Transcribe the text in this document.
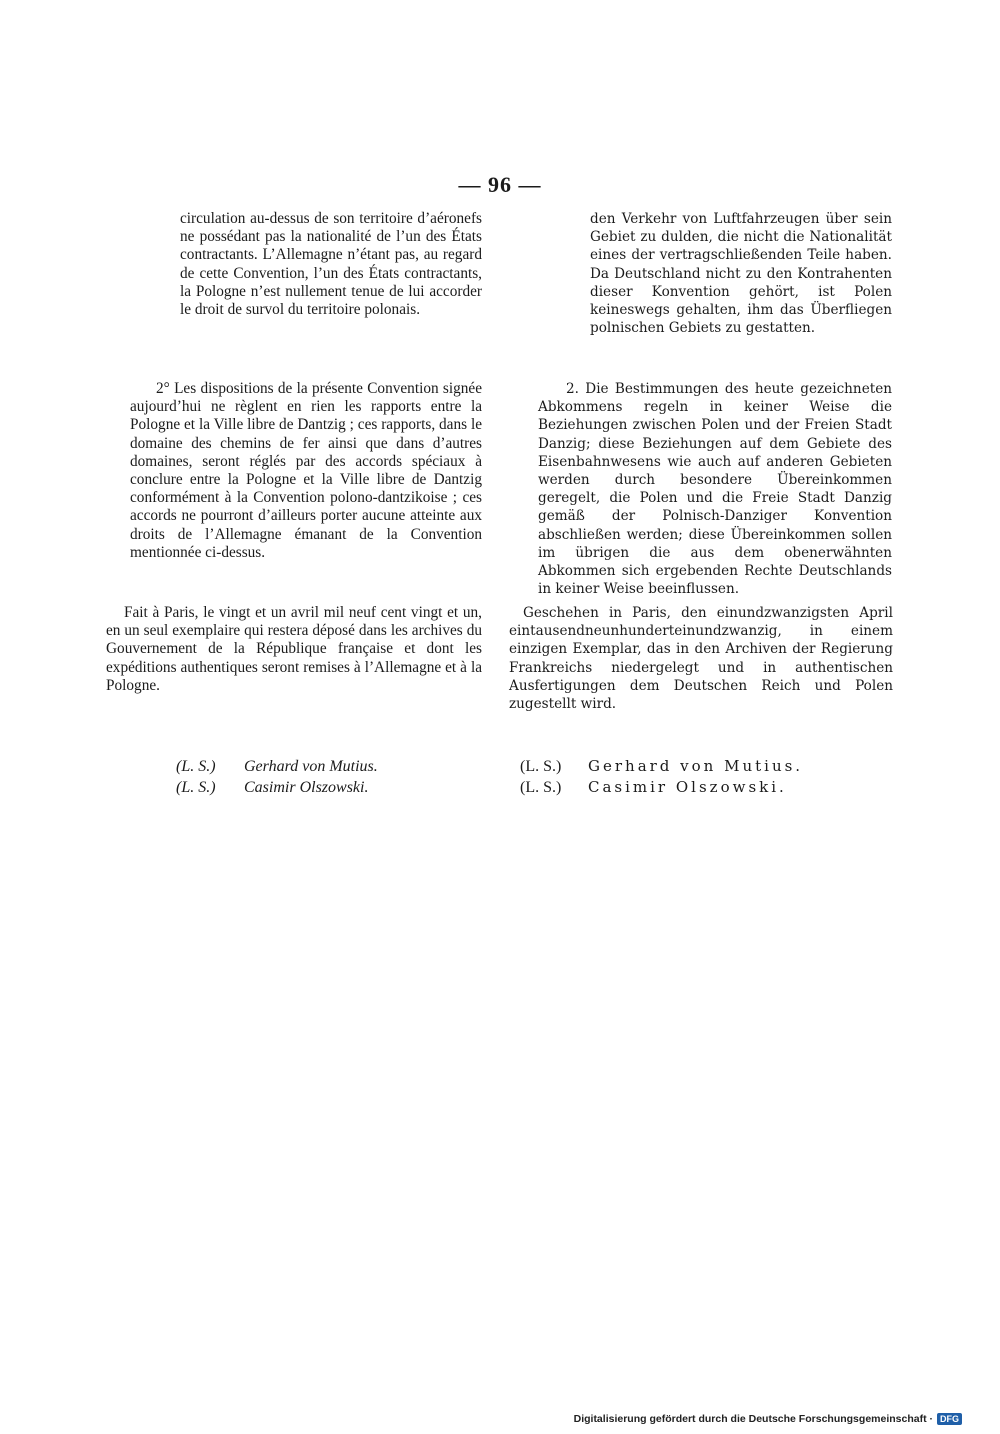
— 96 —

circulation au-dessus de son territoire d’aéronefs ne possédant pas la nationalité de l’un des États contractants. L’Allemagne n’étant pas, au regard de cette Convention, l’un des États contractants, la Pologne n’est nullement tenue de lui accorder le droit de survol du territoire polonais.

2° Les dispositions de la présente Convention signée aujourd’hui ne règlent en rien les rapports entre la Pologne et la Ville libre de Dantzig ; ces rapports, dans le domaine des chemins de fer ainsi que dans d’autres domaines, seront réglés par des accords spéciaux à conclure entre la Pologne et la Ville libre de Dantzig conformément à la Convention polono-dantzikoise ; ces accords ne pourront d’ailleurs porter aucune atteinte aux droits de l’Allemagne émanant de la Convention mentionnée ci-dessus.

Fait à Paris, le vingt et un avril mil neuf cent vingt et un, en un seul exemplaire qui restera déposé dans les archives du Gouvernement de la République française et dont les expéditions authentiques seront remises à l’Allemagne et à la Pologne.

den Verkehr von Luftfahrzeugen über sein Gebiet zu dulden, die nicht die Nationalität eines der vertragschließenden Teile haben. Da Deutschland nicht zu den Kontrahenten dieser Konvention gehört, ist Polen keineswegs gehalten, ihm das Überfliegen polnischen Gebiets zu gestatten.

2. Die Bestimmungen des heute gezeichneten Abkommens regeln in keiner Weise die Beziehungen zwischen Polen und der Freien Stadt Danzig; diese Beziehungen auf dem Gebiete des Eisenbahnwesens wie auch auf anderen Gebieten werden durch besondere Übereinkommen geregelt, die Polen und die Freie Stadt Danzig gemäß der Polnisch-Danziger Konvention abschließen werden; diese Übereinkommen sollen im übrigen die aus dem obenerwähnten Abkommen sich ergebenden Rechte Deutschlands in keiner Weise beeinflussen.

Geschehen in Paris, den einundzwanzigsten April eintausendneunhunderteinundzwanzig, in einem einzigen Exemplar, das in den Archiven der Regierung Frankreichs niedergelegt und in authentischen Ausfertigungen dem Deutschen Reich und Polen zugestellt wird.

(L. S.) Gerhard von Mutius.
(L. S.) Casimir Olszowski.
(L. S.) Gerhard von Mutius.
(L. S.) Casimir Olszowski.
Digitalisierung gefördert durch die Deutsche Forschungsgemeinschaft · DFG
